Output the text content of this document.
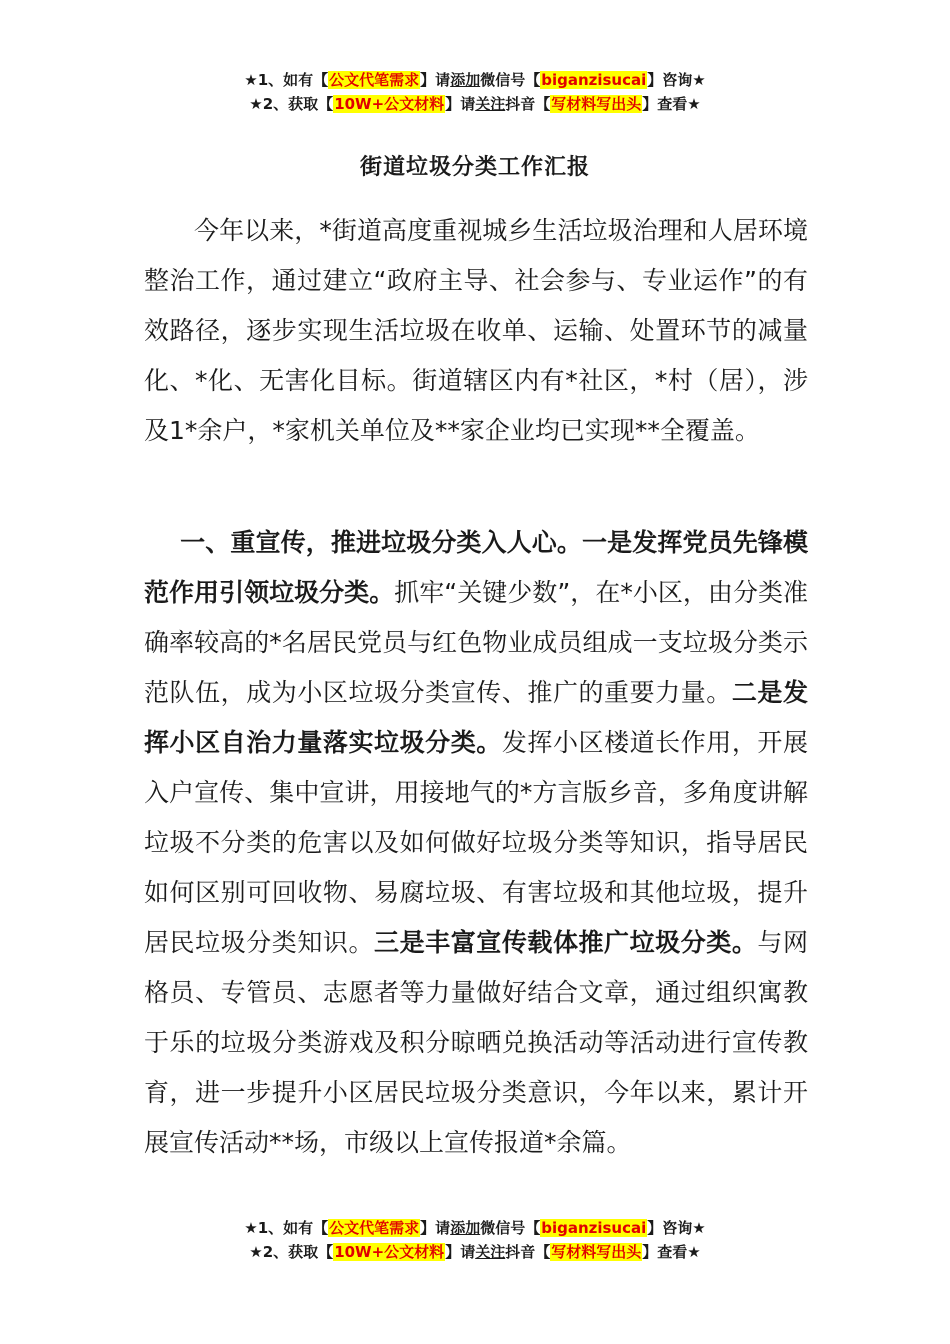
★1、如有【公文代笔需求】请添加微信号【biganzisucai】咨询★
★2、获取【10W+公文材料】请关注抖音【写材料写出头】查看★
街道垃圾分类工作汇报
今年以来，*街道高度重视城乡生活垃圾治理和人居环境整治工作，通过建立“政府主导、社会参与、专业运作”的有效路径，逐步实现生活垃圾在收单、运输、处置环节的减量化、*化、无害化目标。街道辖区内有*社区，*村（居），涉及1*余户，*家机关单位及**家企业均已实现**全覆盖。
一、重宣传，推进垃圾分类入人心。一是发挥党员先锋模范作用引领垃圾分类。抓牢“关键少数”，在*小区，由分类准确率较高的*名居民党员与红色物业成员组成一支垃圾分类示范队伍，成为小区垃圾分类宣传、推广的重要力量。二是发挥小区自治力量落实垃圾分类。发挥小区楼道长作用，开展入户宣传、集中宣讲，用接地气的*方言版乡音，多角度讲解垃圾不分类的危害以及如何做好垃圾分类等知识，指导居民如何区别可回收物、易腐垃圾、有害垃圾和其他垃圾，提升居民垃圾分类知识。三是丰富宣传载体推广垃圾分类。与网格员、专管员、志愿者等力量做好结合文章，通过组织寓教于乐的垃圾分类游戏及积分晾晒兑换活动等活动进行宣传教育，进一步提升小区居民垃圾分类意识，今年以来，累计开展宣传活动**场，市级以上宣传报道*余篇。
★1、如有【公文代笔需求】请添加微信号【biganzisucai】咨询★
★2、获取【10W+公文材料】请关注抖音【写材料写出头】查看★
